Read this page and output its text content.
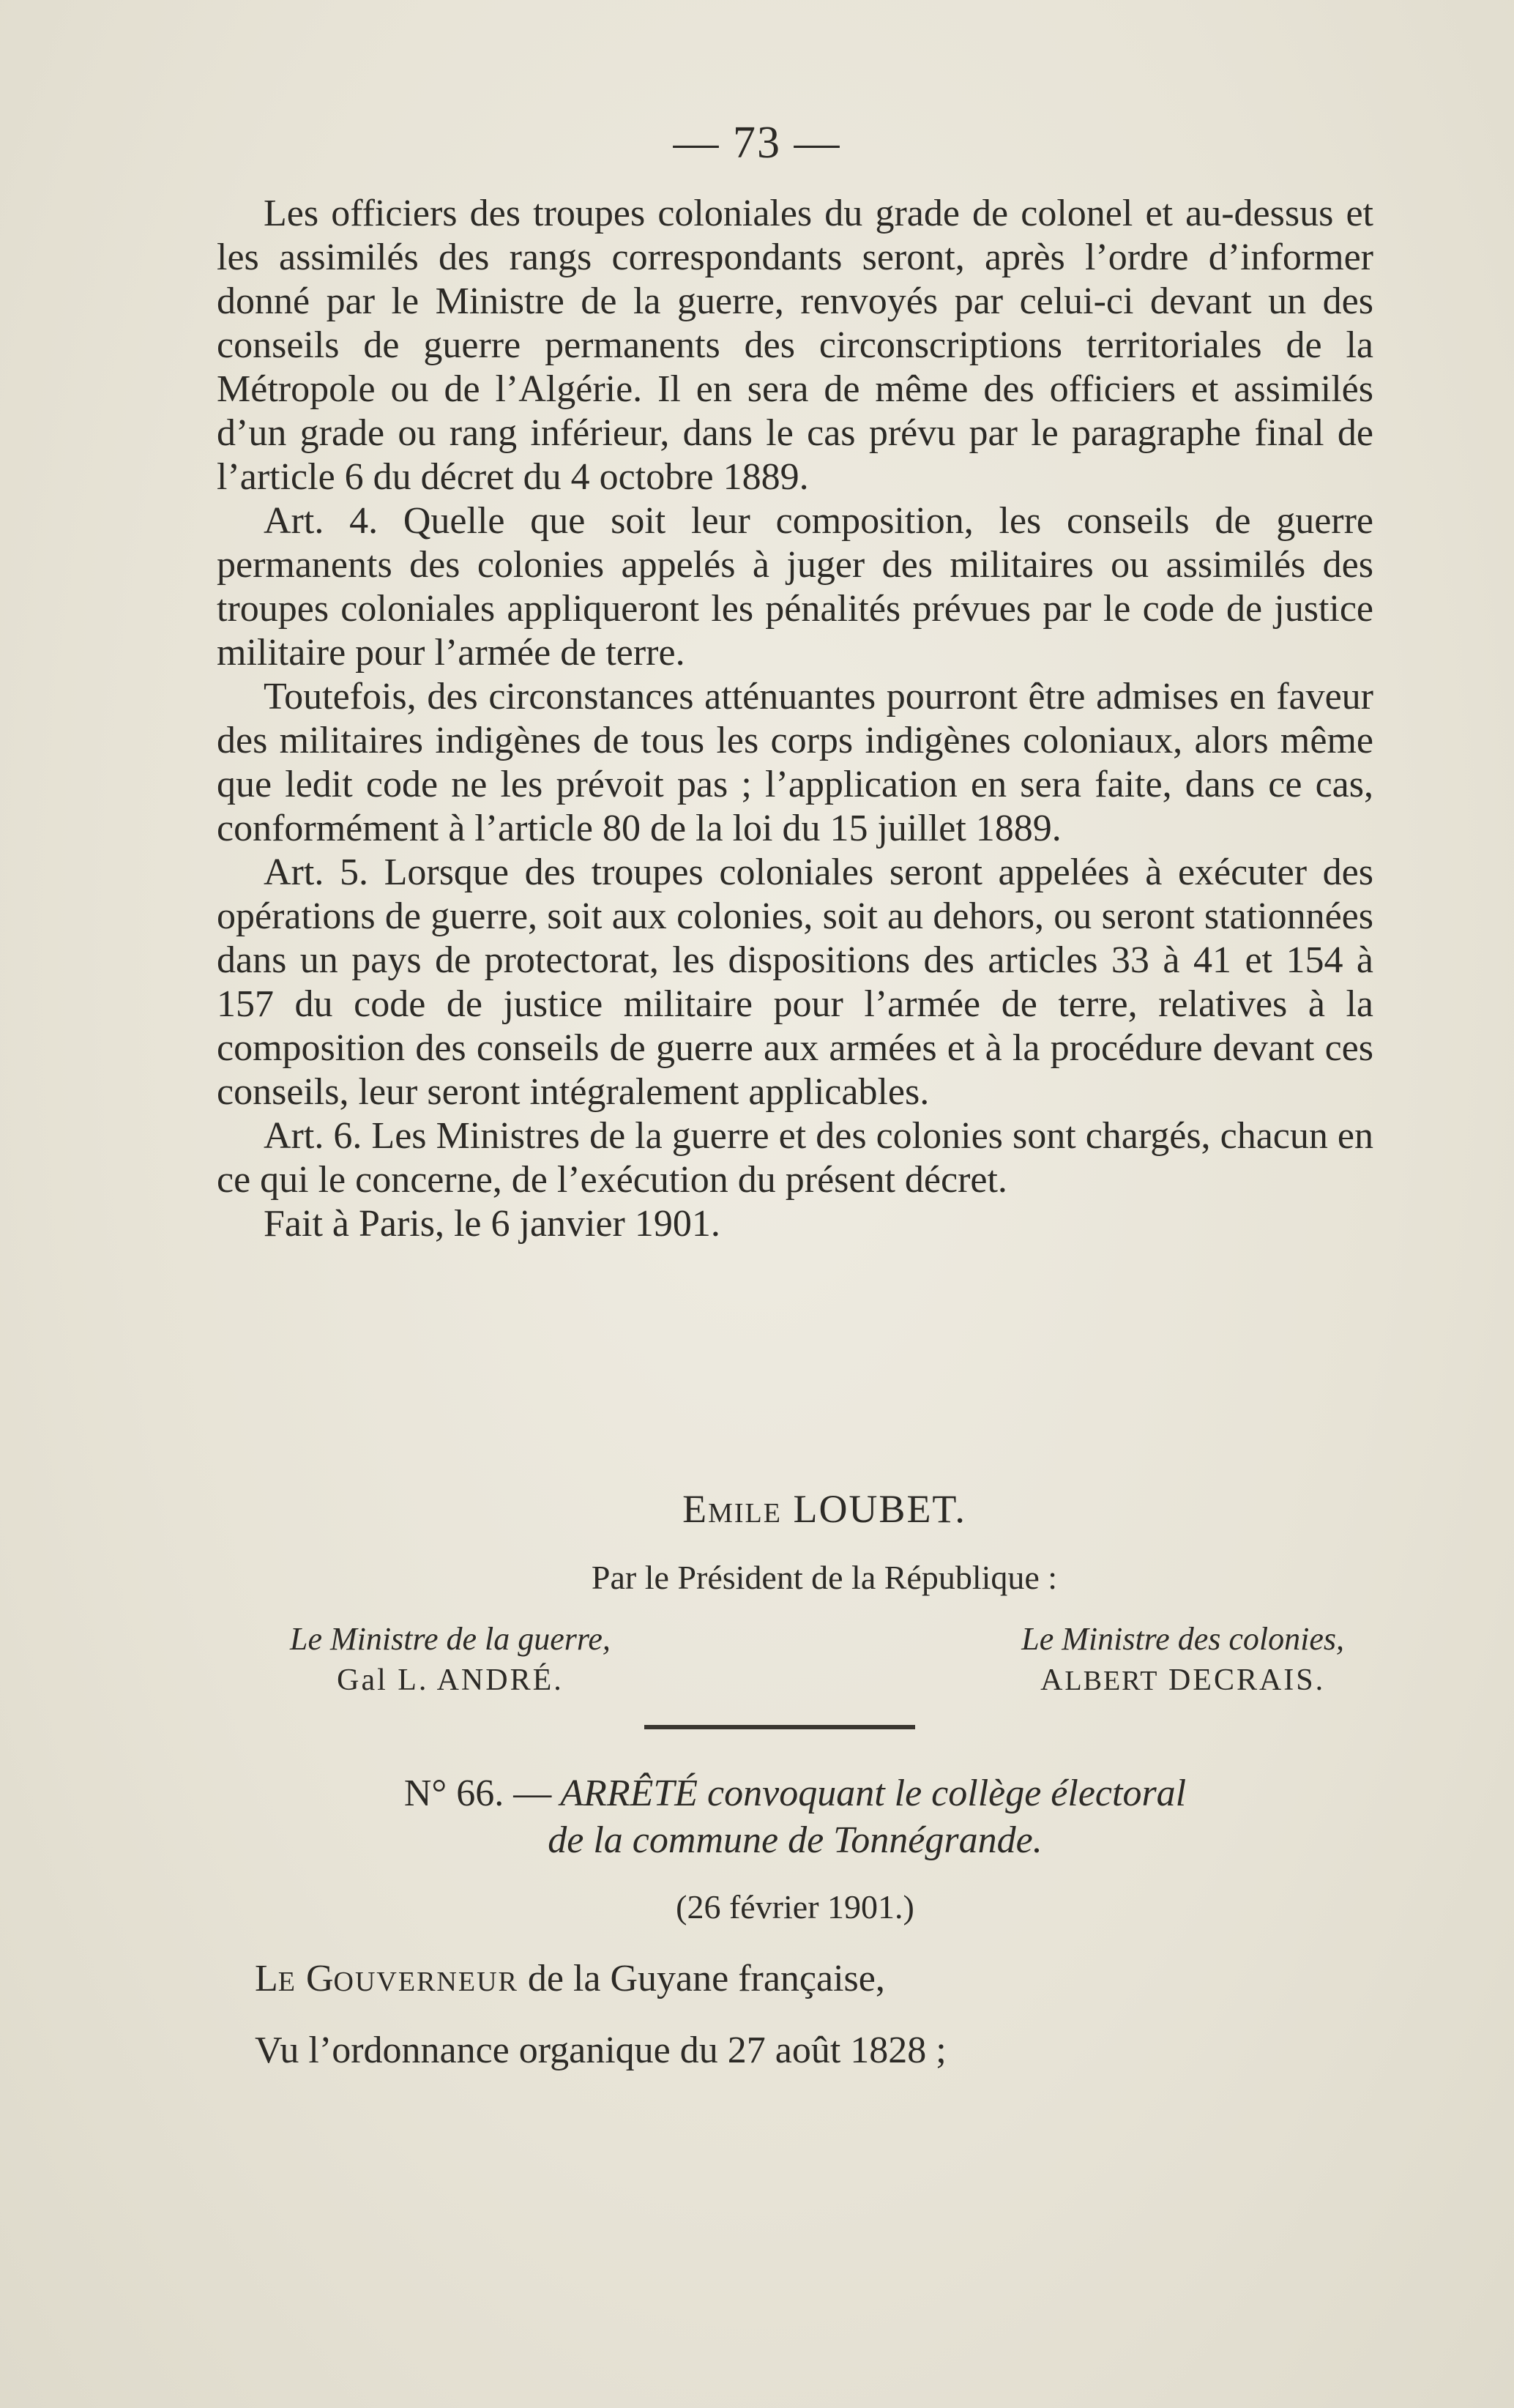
— 73 —

Les officiers des troupes coloniales du grade de colonel et au-dessus et les assimilés des rangs correspondants seront, après l’ordre d’informer donné par le Ministre de la guerre, renvoyés par celui-ci devant un des conseils de guerre permanents des circonscriptions territoriales de la Métropole ou de l’Algérie. Il en sera de même des officiers et assimilés d’un grade ou rang inférieur, dans le cas prévu par le paragraphe final de l’article 6 du décret du 4 octobre 1889.

Art. 4. Quelle que soit leur composition, les conseils de guerre permanents des colonies appelés à juger des militaires ou assimilés des troupes coloniales appliqueront les pénalités prévues par le code de justice militaire pour l’armée de terre.

Toutefois, des circonstances atténuantes pourront être admises en faveur des militaires indigènes de tous les corps indigènes coloniaux, alors même que ledit code ne les prévoit pas ; l’application en sera faite, dans ce cas, conformément à l’article 80 de la loi du 15 juillet 1889.

Art. 5. Lorsque des troupes coloniales seront appelées à exécuter des opérations de guerre, soit aux colonies, soit au dehors, ou seront stationnées dans un pays de protectorat, les dispositions des articles 33 à 41 et 154 à 157 du code de justice militaire pour l’armée de terre, relatives à la composition des conseils de guerre aux armées et à la procédure devant ces conseils, leur seront intégralement applicables.

Art. 6. Les Ministres de la guerre et des colonies sont chargés, chacun en ce qui le concerne, de l’exécution du présent décret.

Fait à Paris, le 6 janvier 1901.

EMILE LOUBET.
Par le Président de la République :
Le Ministre de la guerre,
Gal L. ANDRÉ.
Le Ministre des colonies,
ALBERT DECRAIS.

N° 66. — ARRÊTÉ convoquant le collège électoral
de la commune de Tonnégrande.

(26 février 1901.)

LE GOUVERNEUR de la Guyane française,

Vu l’ordonnance organique du 27 août 1828 ;
